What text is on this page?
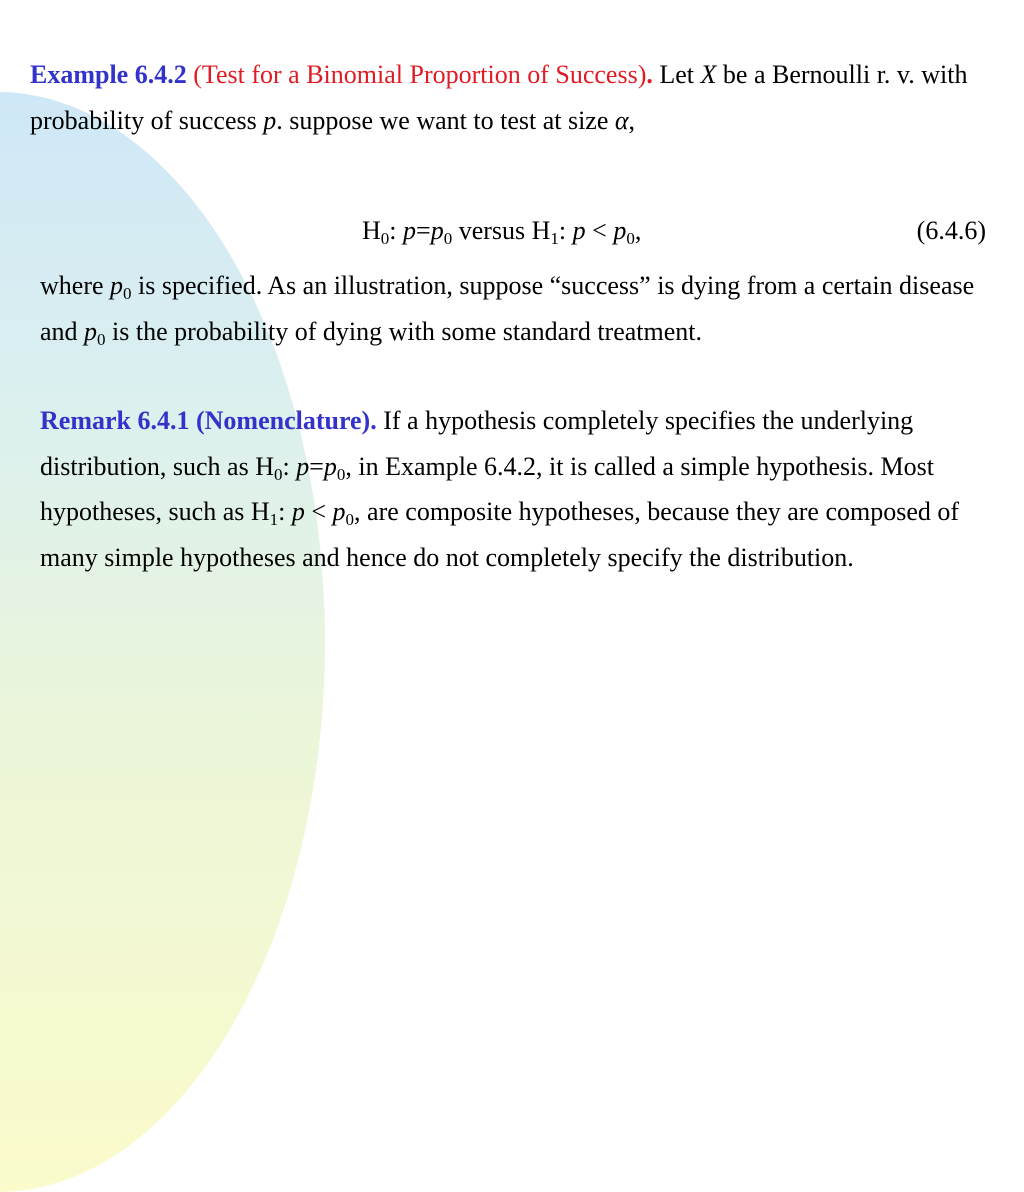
Example 6.4.2 (Test for a Binomial Proportion of Success). Let X be a Bernoulli r. v. with probability of success p. suppose we want to test at size α,

$H_0$: $p=p_0$ versus $H_1$: $p < p_0$,	(6.4.6)

where $p_0$ is specified. As an illustration, suppose “success” is dying from a certain disease and $p_0$ is the probability of dying with some standard treatment.

Remark 6.4.1 (Nomenclature). If a hypothesis completely specifies the underlying distribution, such as $H_0$: $p=p_0$, in Example 6.4.2, it is called a simple hypothesis. Most hypotheses, such as $H_1$: $p < p_0$, are composite hypotheses, because they are composed of many simple hypotheses and hence do not completely specify the distribution.
